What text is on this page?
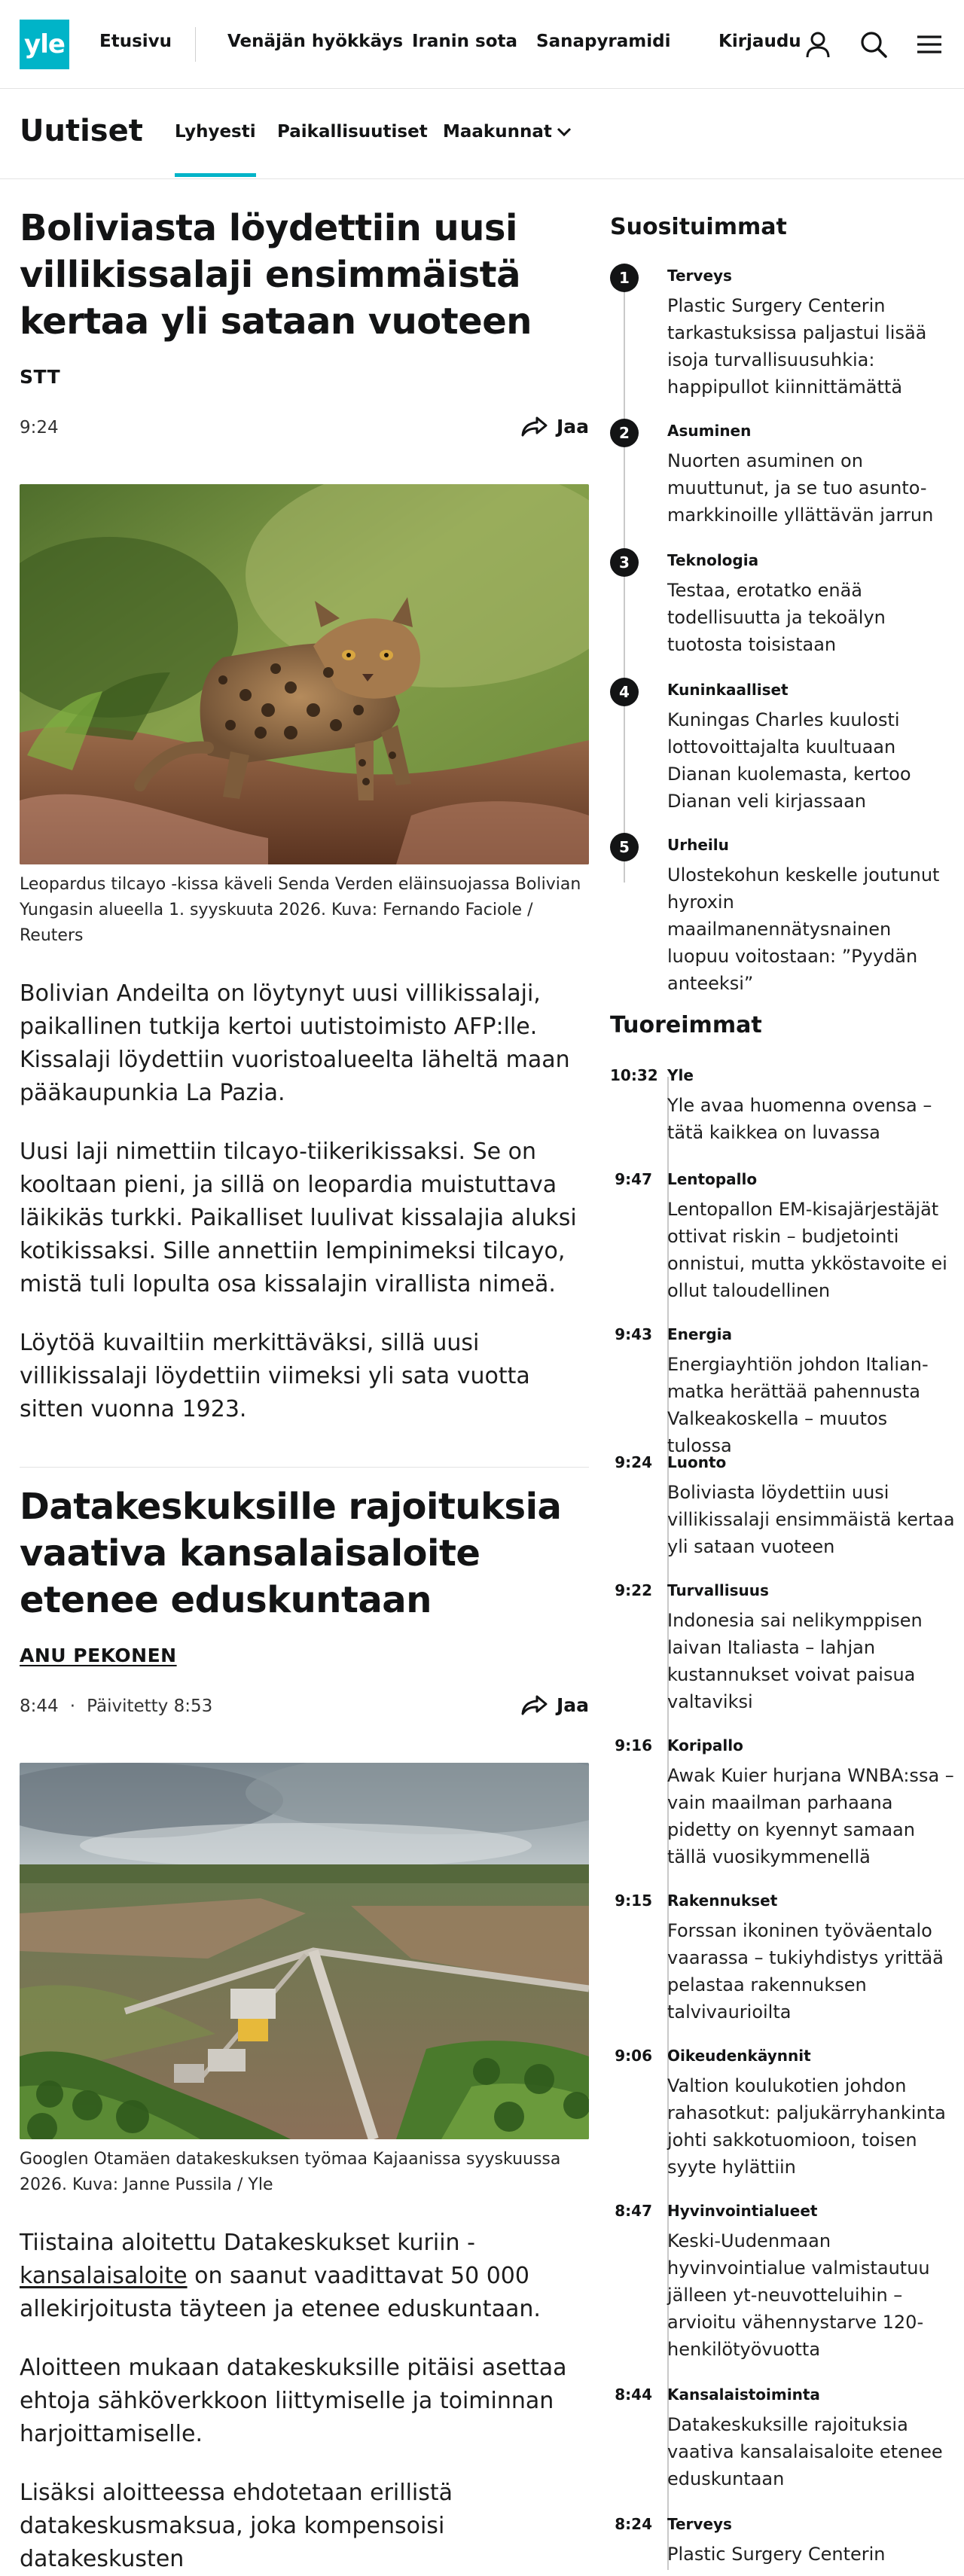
yle Etusivu	Venäjän hyökkäys Iranin sota Sanapyramidi	Kirjaudu
Uutiset Lyhyesti Paikallisuutiset Maakunnat
Boliviasta löydettiin uusi villikissalaji ensimmäistä kertaa yli sataan vuoteen
STT
9:24	Jaa

Leopardus tilcayo -kissa käveli Senda Verden eläinsuojassa Bolivian Yungasin alueella 1. syyskuuta 2026. Kuva: Fernando Faciole / Reuters

Bolivian Andeilta on löytynyt uusi villikissalaji, paikallinen tutkija kertoi uutistoimisto AFP:lle. Kissalaji löydettiin vuoristoalueelta läheltä maan pääkaupunkia La Pazia.

Uusi laji nimettiin tilcayo-tiikerikissaksi. Se on kooltaan pieni, ja sillä on leopardia muistuttava läikikäs turkki. Paikalliset luulivat kissalajia aluksi kotikissaksi. Sille annettiin lempinimeksi tilcayo, mistä tuli lopulta osa kissalajin virallista nimeä.

Löytöä kuvailtiin merkittäväksi, sillä uusi villikissalaji löydettiin viimeksi yli sata vuotta sitten vuonna 1923.

Datakeskuksille rajoituksia vaativa kansalaisaloite etenee eduskuntaan
ANU PEKONEN
8:44 · Päivitetty 8:53	Jaa

Googlen Otamäen datakeskuksen työmaa Kajaanissa syyskuussa 2026. Kuva: Janne Pussila / Yle

Tiistaina aloitettu Datakeskukset kuriin - kansalaisaloite on saanut vaadittavat 50 000 allekirjoitusta täyteen ja etenee eduskuntaan.

Aloitteen mukaan datakeskuksille pitäisi asettaa ehtoja sähköverkkoon liittymiselle ja toiminnan harjoittamiselle.

Lisäksi aloitteessa ehdotetaan erillistä datakeskusmaksua, joka kompensoisi datakeskusten

Suosituimmat
1	Terveys
Plastic Surgery Centerin tarkastuksissa paljastui lisää isoja turvallisuusuhkia: happipullot kiinnittämättä
2	Asuminen
Nuorten asuminen on muuttunut, ja se tuo asunto-markkinoille yllättävän jarrun
3	Teknologia
Testaa, erotatko enää todellisuutta ja tekoälyn tuotosta toisistaan
4	Kuninkaalliset
Kuningas Charles kuulosti lottovoittajalta kuultuaan Dianan kuolemasta, kertoo Dianan veli kirjassaan
5	Urheilu
Ulostekohun keskelle joutunut hyroxin maailmanennätysnainen luopuu voitostaan: ”Pyydän anteeksi”
Tuoreimmat
10:32 Yle
Yle avaa huomenna ovensa – tätä kaikkea on luvassa
9:47 Lentopallo
Lentopallon EM-kisajärjestäjät ottivat riskin – budjetointi onnistui, mutta ykköstavoite ei ollut taloudellinen
9:43 Energia
Energiayhtiön johdon Italian-matka herättää pahennusta Valkeakoskella – muutos tulossa
9:24 Luonto
Boliviasta löydettiin uusi villikissalaji ensimmäistä kertaa yli sataan vuoteen
9:22 Turvallisuus
Indonesia sai nelikymppisen laivan Italiasta – lahjan kustannukset voivat paisua valtaviksi
9:16 Koripallo
Awak Kuier hurjana WNBA:ssa – vain maailman parhaana pidetty on kyennyt samaan tällä vuosikymmenellä
9:15 Rakennukset
Forssan ikoninen työväentalo vaarassa – tukiyhdistys yrittää pelastaa rakennuksen talvivaurioilta
9:06 Oikeudenkäynnit
Valtion koulukotien johdon rahasotkut: paljukärryhankinta johti sakkotuomioon, toisen syyte hylättiin
8:47 Hyvinvointialueet
Keski-Uudenmaan hyvinvointialue valmistautuu jälleen yt-neuvotteluihin – arvioitu vähennystarve 120-henkilötyövuotta
8:44 Kansalaistoiminta
Datakeskuksille rajoituksia vaativa kansalaisaloite etenee eduskuntaan
8:24 Terveys
Plastic Surgery Centerin
